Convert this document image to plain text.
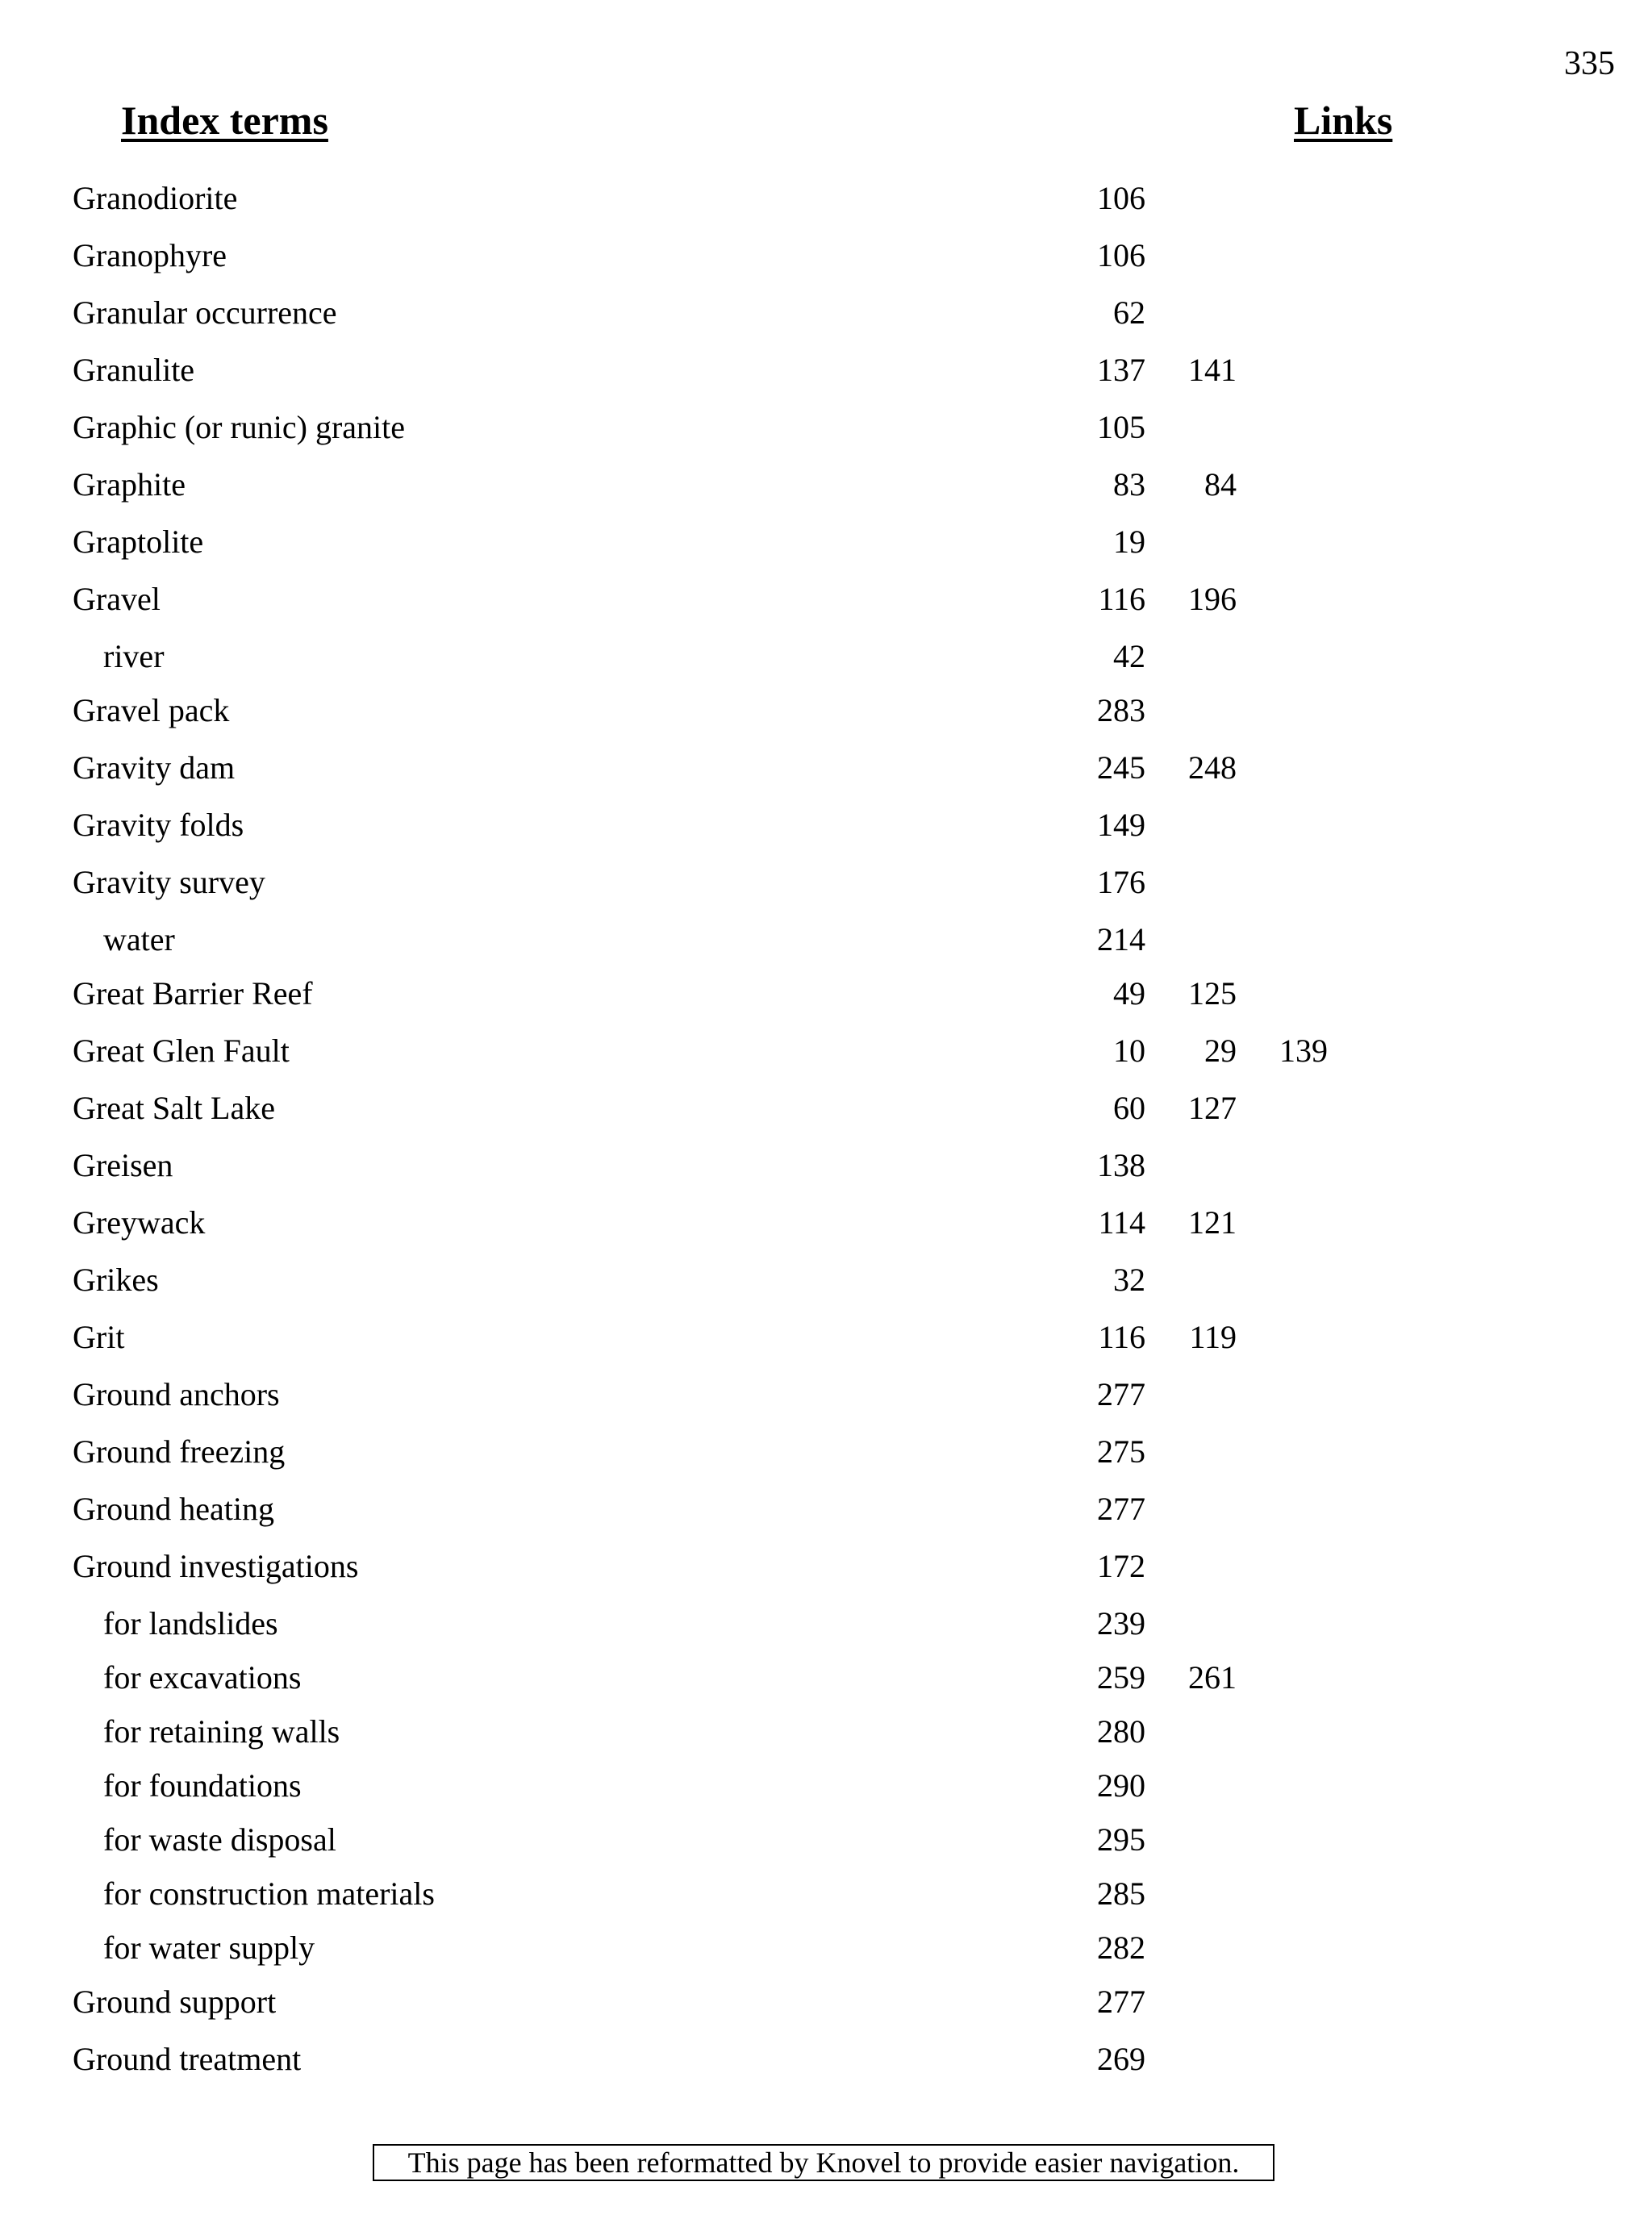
335
Index terms	Links
Granodiorite	106
Granophyre	106
Granular occurrence	62
Granulite	137	141
Graphic (or runic) granite	105
Graphite	83	84
Graptolite	19
Gravel	116	196
river	42
Gravel pack	283
Gravity dam	245	248
Gravity folds	149
Gravity survey	176
water	214
Great Barrier Reef	49	125
Great Glen Fault	10	29	139
Great Salt Lake	60	127
Greisen	138
Greywack	114	121
Grikes	32
Grit	116	119
Ground anchors	277
Ground freezing	275
Ground heating	277
Ground investigations	172
for landslides	239
for excavations	259	261
for retaining walls	280
for foundations	290
for waste disposal	295
for construction materials	285
for water supply	282
Ground support	277
Ground treatment	269
This page has been reformatted by Knovel to provide easier navigation.
